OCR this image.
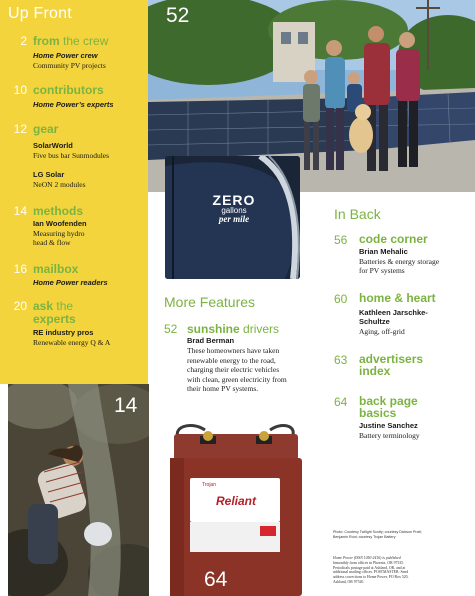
Up Front
2 from the crew
Home Power crew
Community PV projects
10 contributors
Home Power’s experts
12 gear
SolarWorld
Five bus bar Sunmodules
LG Solar
NeON 2 modules
14 methods
Ian Woofenden
Measuring hydro
head & flow
16 mailbox
Home Power readers
20 ask the
experts
RE industry pros
Renewable energy Q & A
52
ZERO
gallons
per mile
14
More Features
52 sunshine drivers
Brad Berman
These homeowners have taken
renewable energy to the road,
charging their electric vehicles
with clean, green electricity from
their home PV systems.
Reliant
Trojan
64
In Back
56 code corner
Brian Mehalic
Batteries & energy storage
for PV systems
60 home & heart
Kathleen Jarschke-
Schultze
Aging, off-grid
63 advertisers
index
64 back page
basics
Justine Sanchez
Battery terminology
Photo: Courtesy Twilight Scotty; courtesy Dickson Pratt;
Benjamin Root; courtesy Trojan Battery
Home Power (ISSN 1050-2416) is published
bimonthly from offices in Phoenix, OR 97535.
Periodicals postage paid at Ashland, OR, and at
additional mailing offices. POSTMASTER: Send
address corrections to Home Power, PO Box 520,
Ashland, OR 97520.
